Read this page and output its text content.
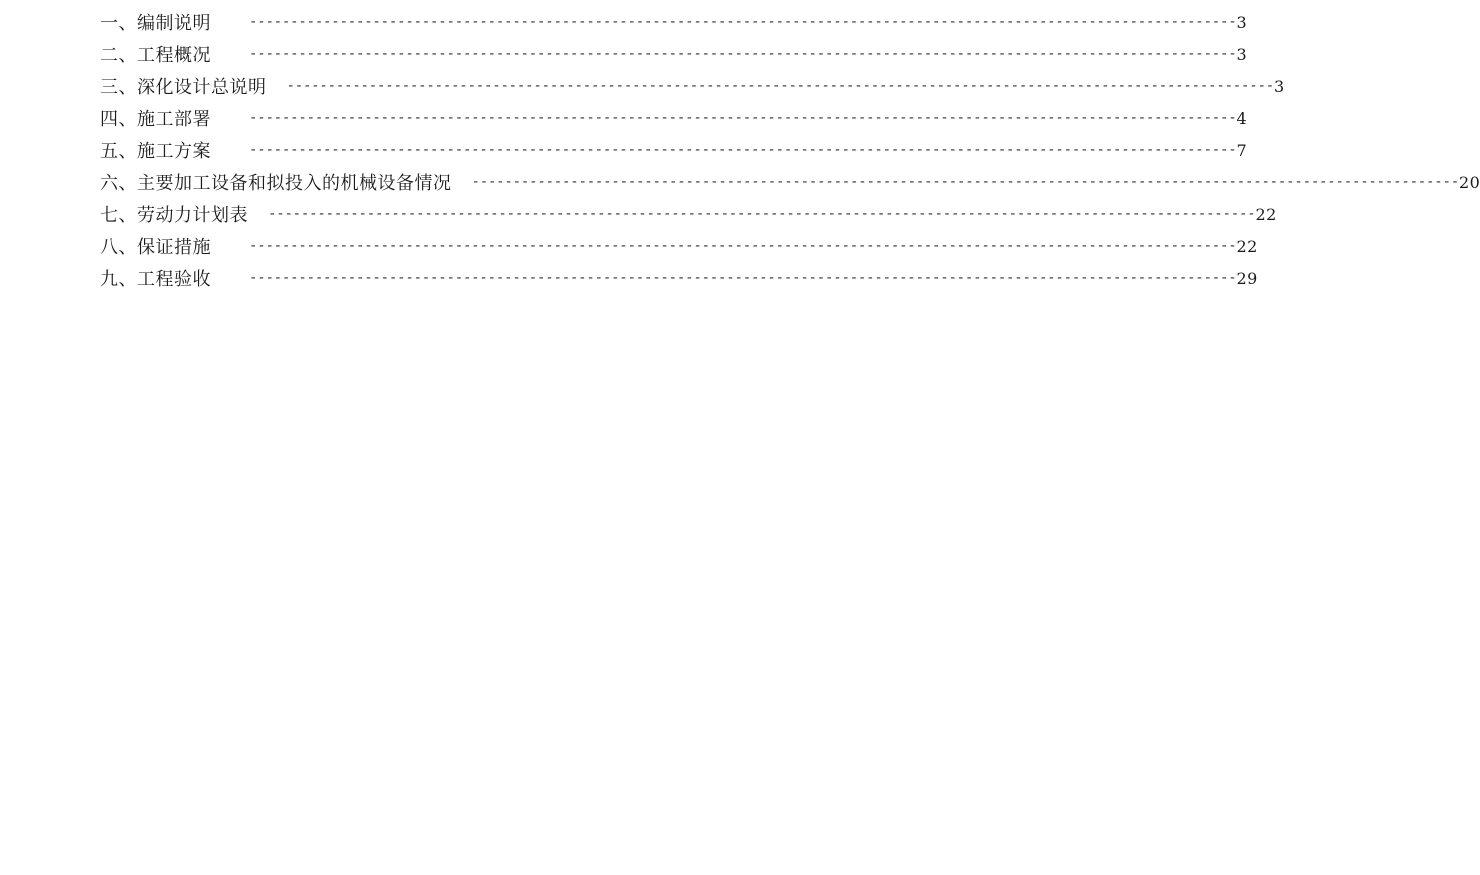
一、编制说明	------------------------------------------------------------------------------------------------------------------------ 3
二、工程概况	------------------------------------------------------------------------------------------------------------------------ 3
三、深化设计总说明 ------------------------------------------------------------------------------------------------------------------------ 3
四、施工部署	------------------------------------------------------------------------------------------------------------------------ 4
五、施工方案	------------------------------------------------------------------------------------------------------------------------ 7
六、主要加工设备和拟投入的机械设备情况 ------------------------------------------------------------------------------------------------------------------------ 20
七、劳动力计划表 ------------------------------------------------------------------------------------------------------------------------ 22
八、保证措施	------------------------------------------------------------------------------------------------------------------------ 22
九、工程验收	------------------------------------------------------------------------------------------------------------------------ 29
